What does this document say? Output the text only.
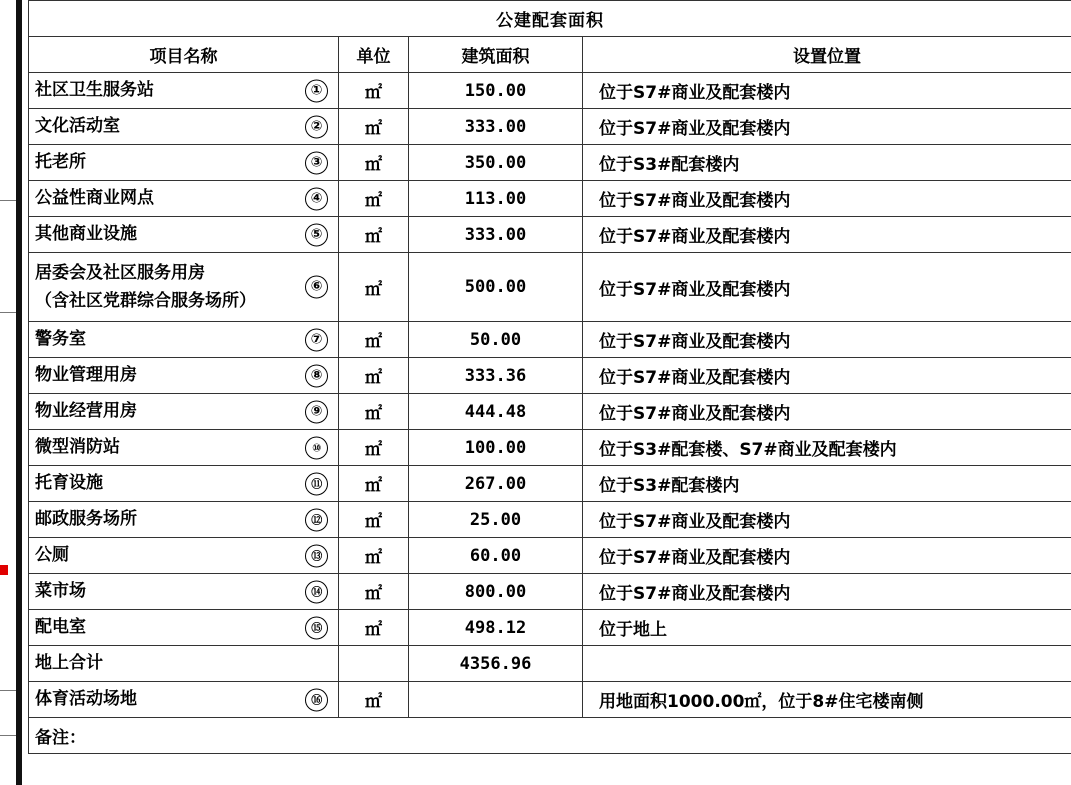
公建配套面积			
项目名称	单位	建筑面积	设置位置

社区卫生服务站 ①	㎡	150.00	位于S7#商业及配套楼内

文化活动室 ②	㎡	333.00	位于S7#商业及配套楼内

托老所 ③	㎡	350.00	位于S3#配套楼内

公益性商业网点 ④	㎡	113.00	位于S7#商业及配套楼内

其他商业设施 ⑤	㎡	333.00	位于S7#商业及配套楼内

居委会及社区服务用房
（含社区党群综合服务场所）
⑥	㎡	500.00	位于S7#商业及配套楼内

警务室 ⑦	㎡	50.00	位于S7#商业及配套楼内

物业管理用房 ⑧	㎡	333.36	位于S7#商业及配套楼内

物业经营用房 ⑨	㎡	444.48	位于S7#商业及配套楼内

微型消防站 ⑩	㎡	100.00	位于S3#配套楼、S7#商业及配套楼内

托育设施 ⑪	㎡	267.00	位于S3#配套楼内

邮政服务场所 ⑫	㎡	25.00	位于S7#商业及配套楼内

公厕 ⑬	㎡	60.00	位于S7#商业及配套楼内

菜市场 ⑭	㎡	800.00	位于S7#商业及配套楼内

配电室 ⑮	㎡	498.12	位于地上

地上合计		4356.96	

体育活动场地 ⑯	㎡		用地面积1000.00㎡，位于8#住宅楼南侧
备注：			
